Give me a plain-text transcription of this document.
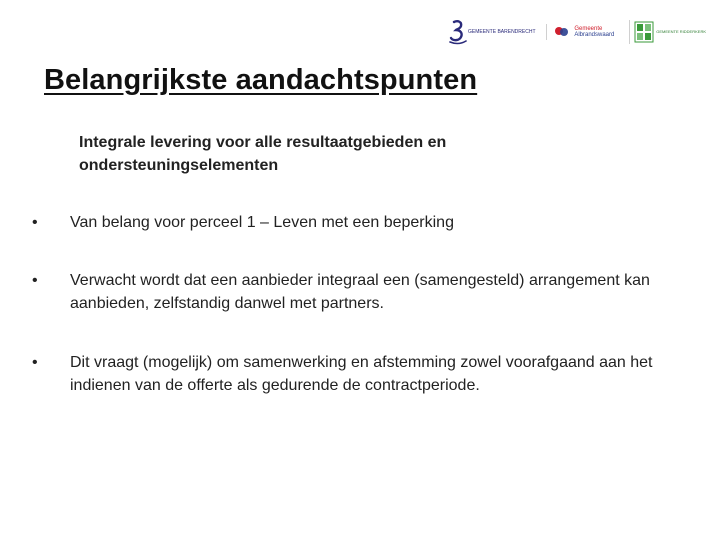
GEMEENTE BARENDRECHT	Gemeente
Albrandswaard
GEMEENTE RIDDERKERK
Belangrijkste aandachtspunten

Integrale levering voor alle resultaatgebieden en ondersteuningselementen

•	Van belang voor perceel 1 – Leven met een beperking
•	Verwacht wordt dat een aanbieder integraal een (samengesteld) arrangement kan aanbieden, zelfstandig danwel met partners.
•	Dit vraagt (mogelijk) om samenwerking en afstemming zowel voorafgaand aan het indienen van de offerte als gedurende de contractperiode.
